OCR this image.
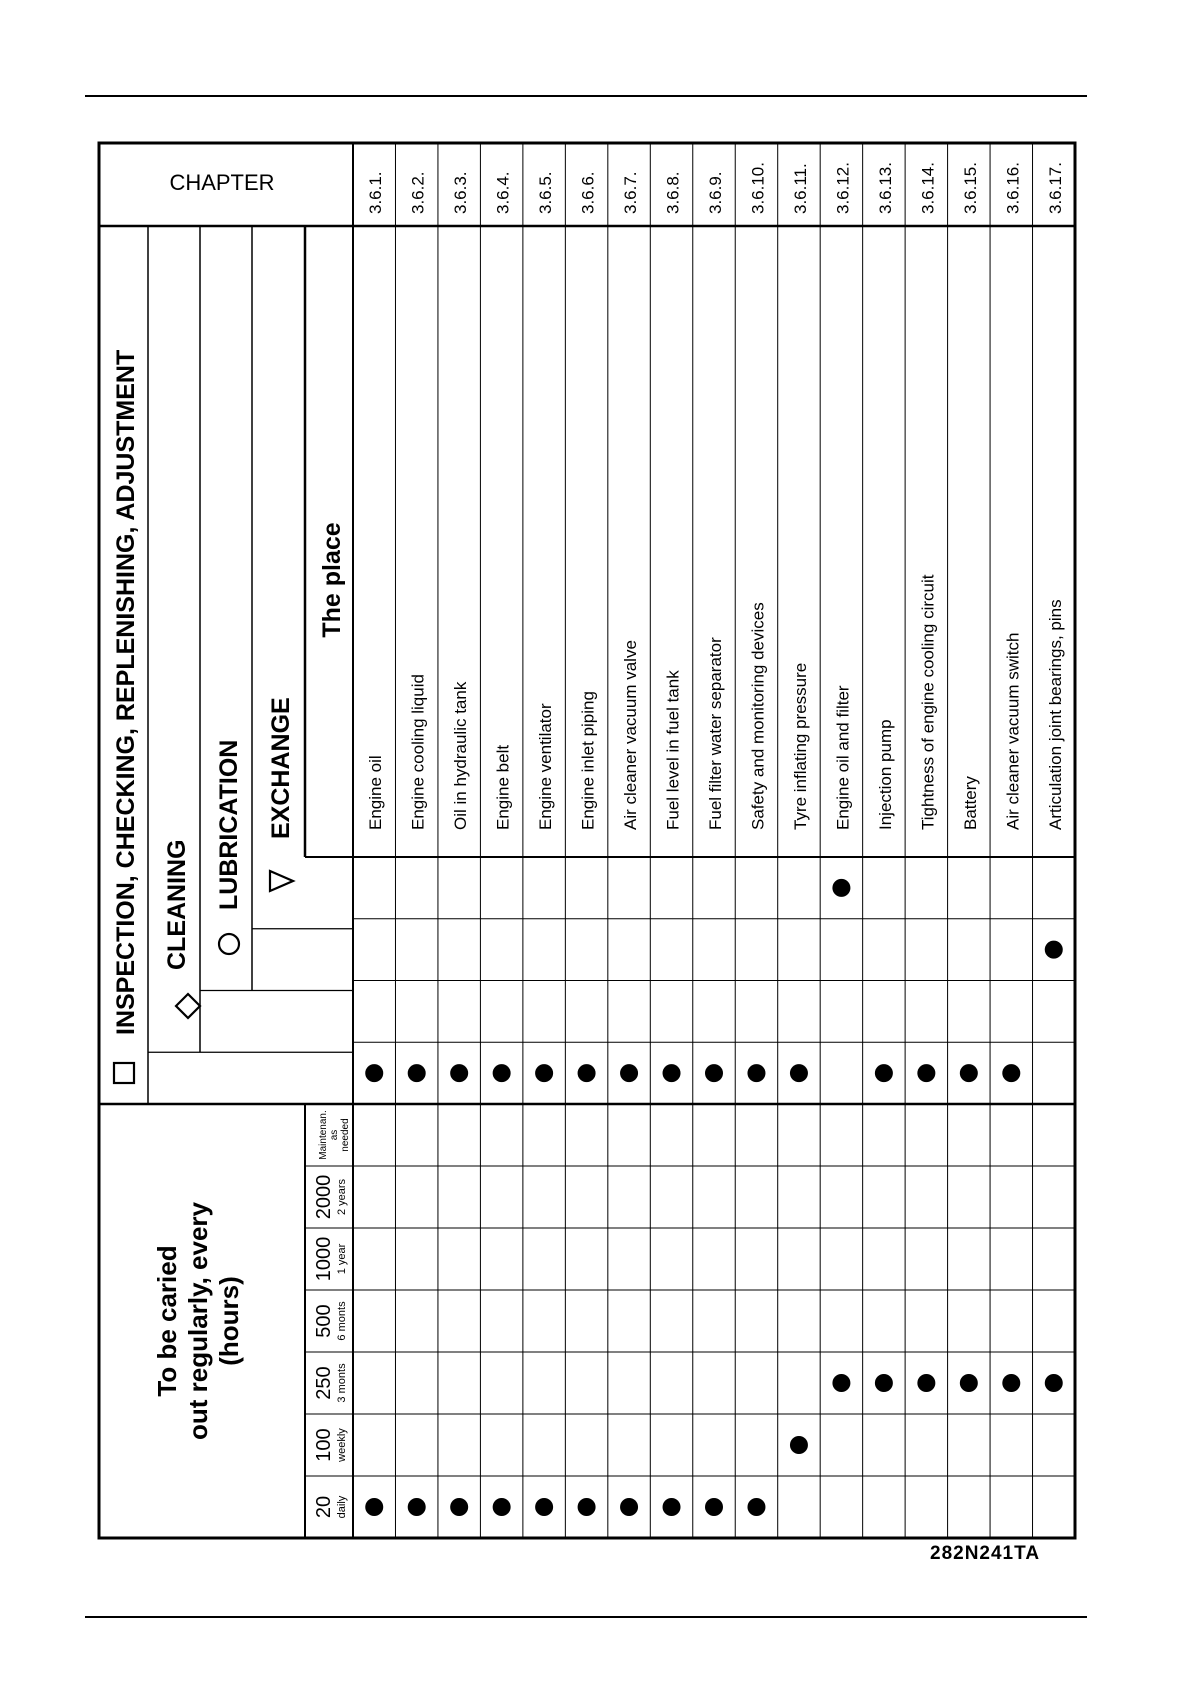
INSPECTION, CHECKING, REPLENISHING, ADJUSTMENT CLEANING LUBRICATION EXCHANGE
The place
CHAPTER
To be caried out regularly, every (hours)
20 daily
100 weekly
250 3 monts
500 6 monts
1000 1 year
2000 2 years
Maintenan. as needed
Engine oil
3.6.1.
Engine cooling liquid
3.6.2.
Oil in hydraulic tank
3.6.3.
Engine belt
3.6.4.
Engine ventilator
3.6.5.
Engine inlet piping
3.6.6.
Air cleaner vacuum valve
3.6.7.
Fuel level in fuel tank
3.6.8.
Fuel filter water separator
3.6.9.
Safety and monitoring devices
3.6.10.
Tyre inflating pressure
3.6.11.
Engine oil and filter
3.6.12.
Injection pump
3.6.13.
Tightness of engine cooling circuit
3.6.14.
Battery
3.6.15.
Air cleaner vacuum switch
3.6.16.
Articulation joint bearings, pins
3.6.17.
282N241TA
